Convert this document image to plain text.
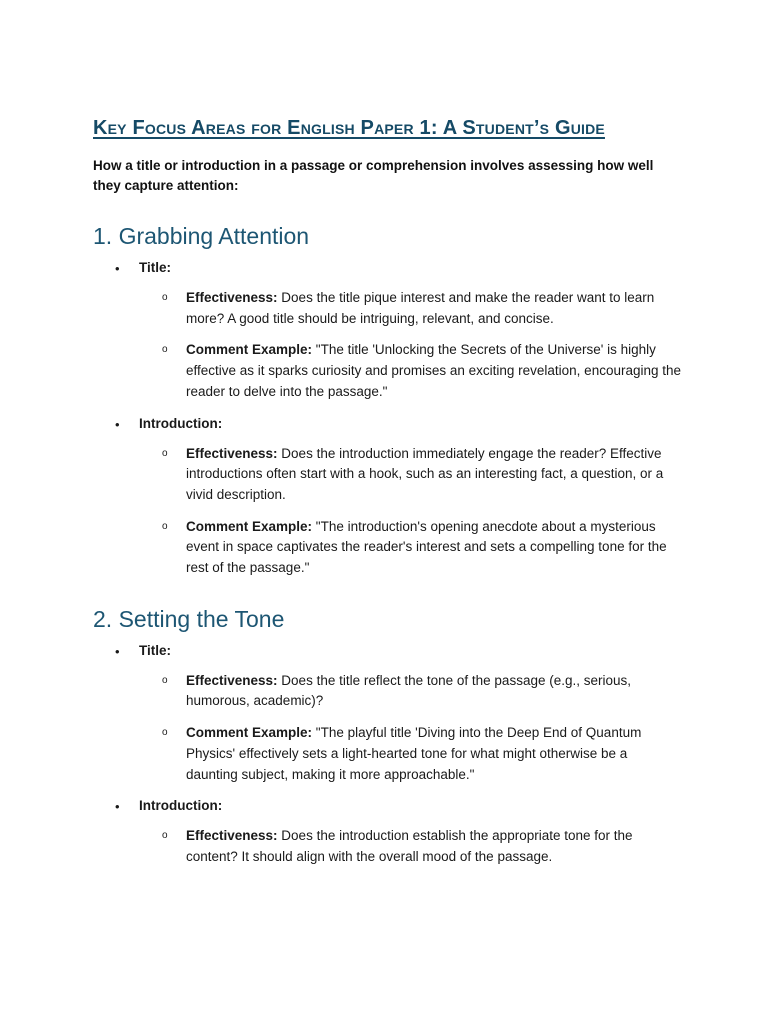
Key Focus Areas for English Paper 1: A Student’s Guide

How a title or introduction in a passage or comprehension involves assessing how well they capture attention:

1. Grabbing Attention
• Title:
o Effectiveness: Does the title pique interest and make the reader want to learn more? A good title should be intriguing, relevant, and concise.
o Comment Example: "The title 'Unlocking the Secrets of the Universe' is highly effective as it sparks curiosity and promises an exciting revelation, encouraging the reader to delve into the passage."
• Introduction:
o Effectiveness: Does the introduction immediately engage the reader? Effective introductions often start with a hook, such as an interesting fact, a question, or a vivid description.
o Comment Example: "The introduction's opening anecdote about a mysterious event in space captivates the reader's interest and sets a compelling tone for the rest of the passage."
2. Setting the Tone
• Title:
o Effectiveness: Does the title reflect the tone of the passage (e.g., serious, humorous, academic)?
o Comment Example: "The playful title 'Diving into the Deep End of Quantum Physics' effectively sets a light-hearted tone for what might otherwise be a daunting subject, making it more approachable."
• Introduction:
o Effectiveness: Does the introduction establish the appropriate tone for the content? It should align with the overall mood of the passage.
